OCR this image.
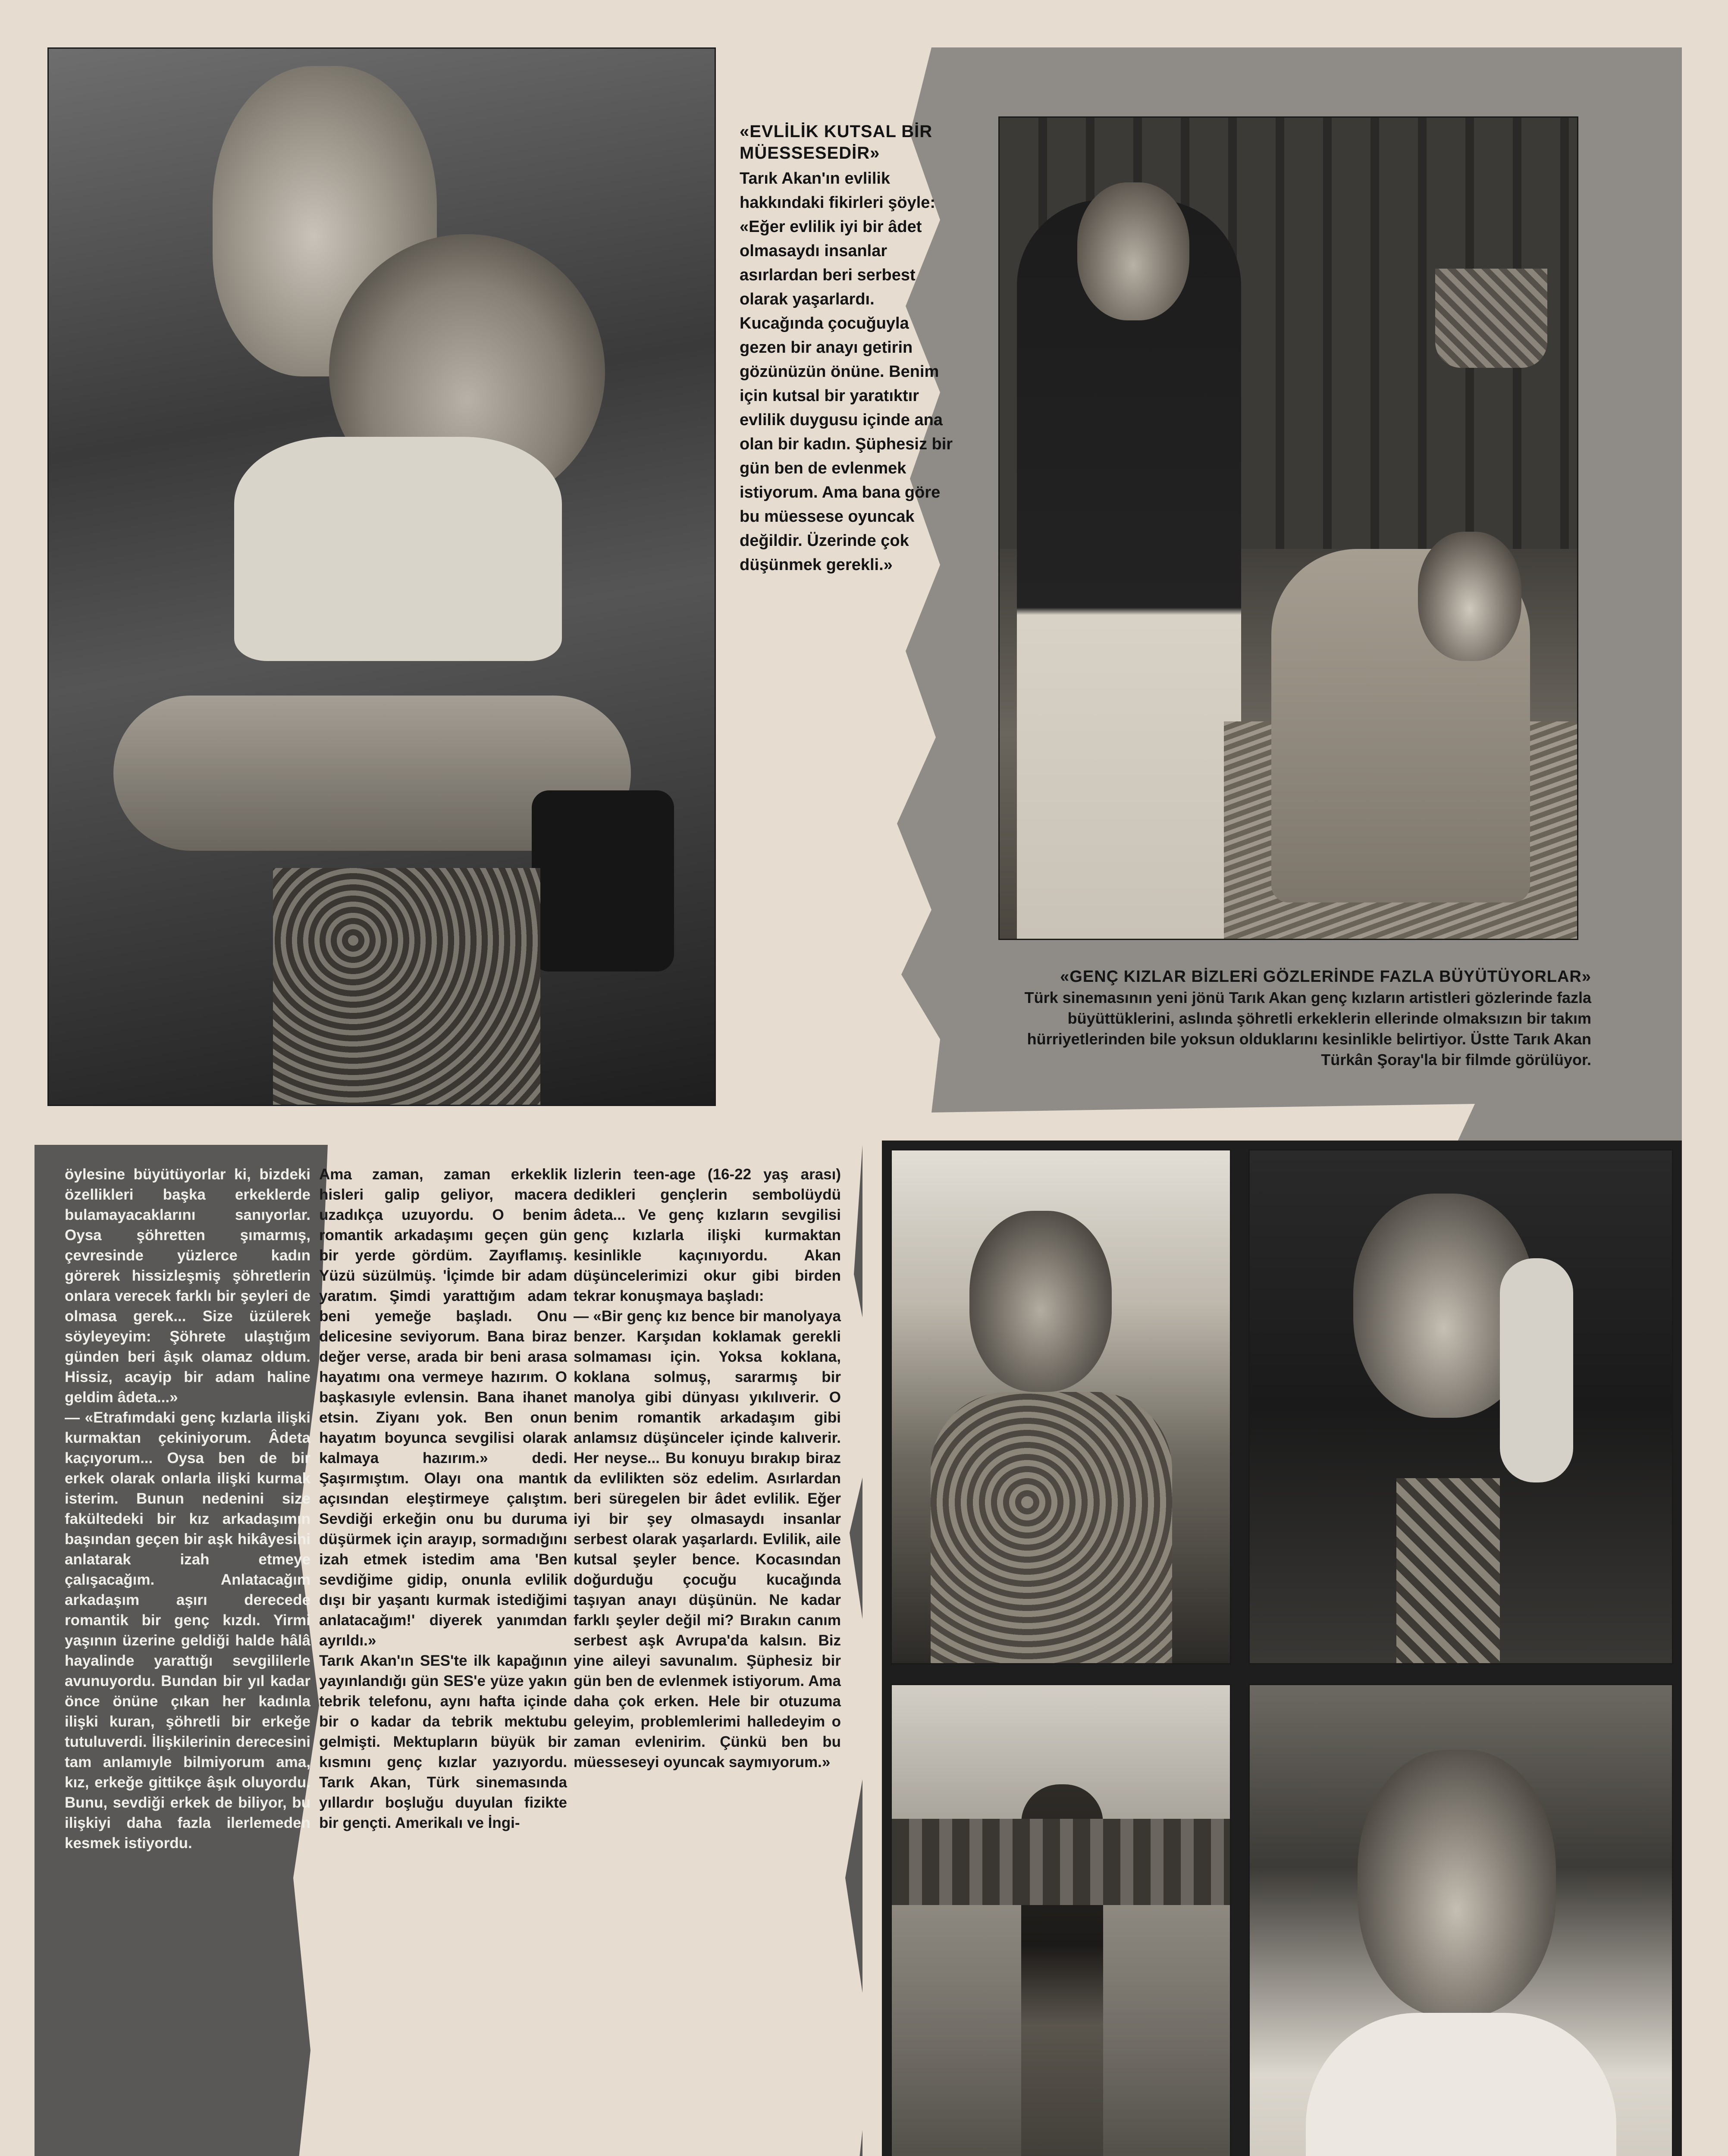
«EVLİLİK KUTSAL BİR MÜESSESEDİR»

Tarık Akan'ın evlilik hakkındaki fikirleri şöyle: «Eğer evlilik iyi bir âdet olmasaydı insanlar asırlardan beri serbest olarak yaşarlardı. Kucağında çocuğuyla gezen bir anayı getirin gözünüzün önüne. Benim için kutsal bir yaratıktır evlilik duygusu içinde ana olan bir kadın. Şüphesiz bir gün ben de evlenmek istiyorum. Ama bana göre bu müessese oyuncak değildir. Üzerinde çok düşünmek gerekli.»

«GENÇ KIZLAR BİZLERİ GÖZLERİNDE FAZLA BÜYÜTÜYORLAR»
Türk sinemasının yeni jönü Tarık Akan genç kızların artistleri gözlerinde fazla büyüttüklerini, aslında şöhretli erkeklerin ellerinde olmaksızın bir takım hürriyetlerinden bile yoksun olduklarını kesinlikle belirtiyor. Üstte Tarık Akan Türkân Şoray'la bir filmde görülüyor.

öylesine büyütüyorlar ki, bizdeki özellikleri başka erkeklerde bulamayacaklarını sanıyorlar. Oysa şöhretten şımarmış, çevresinde yüzlerce kadın görerek hissizleşmiş şöhretlerin onlara verecek farklı bir şeyleri de olmasa gerek... Size üzülerek söyleyeyim: Şöhrete ulaştığım günden beri âşık olamaz oldum. Hissiz, acayip bir adam haline geldim âdeta...»

— «Etrafımdaki genç kızlarla ilişki kurmaktan çekiniyorum. Âdeta kaçıyorum... Oysa ben de bir erkek olarak onlarla ilişki kurmak isterim. Bunun nedenini size fakültedeki bir kız arkadaşımın başından geçen bir aşk hikâyesini anlatarak izah etmeye çalışacağım. Anlatacağım arkadaşım aşırı derecede romantik bir genç kızdı. Yirmi yaşının üzerine geldiği halde hâlâ hayalinde yarattığı sevgililerle avunuyordu. Bundan bir yıl kadar önce önüne çıkan her kadınla ilişki kuran, şöhretli bir erkeğe tutuluverdi. İlişkilerinin derecesini tam anlamıyle bilmiyorum ama, kız, erkeğe gittikçe âşık oluyordu. Bunu, sevdiği erkek de biliyor, bu ilişkiyi daha fazla ilerlemeden kesmek istiyordu.

Ama zaman, zaman erkeklik hisleri galip geliyor, macera uzadıkça uzuyordu. O benim romantik arkadaşımı geçen gün bir yerde gördüm. Zayıflamış. Yüzü süzülmüş. 'İçimde bir adam yaratım. Şimdi yarattığım adam beni yemeğe başladı. Onu delicesine seviyorum. Bana biraz değer verse, arada bir beni arasa hayatımı ona vermeye hazırım. O başkasıyle evlensin. Bana ihanet etsin. Ziyanı yok. Ben onun hayatım boyunca sevgilisi olarak kalmaya hazırım.» dedi. Şaşırmıştım. Olayı ona mantık açısından eleştirmeye çalıştım. Sevdiği erkeğin onu bu duruma düşürmek için arayıp, sormadığını izah etmek istedim ama 'Ben sevdiğime gidip, onunla evlilik dışı bir yaşantı kurmak istediğimi anlatacağım!' diyerek yanımdan ayrıldı.»

Tarık Akan'ın SES'te ilk kapağının yayınlandığı gün SES'e yüze yakın tebrik telefonu, aynı hafta içinde bir o kadar da tebrik mektubu gelmişti. Mektupların büyük bir kısmını genç kızlar yazıyordu. Tarık Akan, Türk sinemasında yıllardır boşluğu duyulan fizikte bir gençti. Amerikalı ve İngi-

lizlerin teen-age (16-22 yaş arası) dedikleri gençlerin sembolüydü âdeta... Ve genç kızların sevgilisi genç kızlarla ilişki kurmaktan kesinlikle kaçınıyordu. Akan düşüncelerimizi okur gibi birden tekrar konuşmaya başladı:

— «Bir genç kız bence bir manolyaya benzer. Karşıdan koklamak gerekli solmaması için. Yoksa koklana, koklana solmuş, sararmış bir manolya gibi dünyası yıkılıverir. O benim romantik arkadaşım gibi anlamsız düşünceler içinde kalıverir. Her neyse... Bu konuyu bırakıp biraz da evlilikten söz edelim. Asırlardan beri süregelen bir âdet evlilik. Eğer iyi bir şey olmasaydı insanlar serbest olarak yaşarlardı. Evlilik, aile kutsal şeyler bence. Kocasından doğurduğu çocuğu kucağında taşıyan anayı düşünün. Ne kadar farklı şeyler değil mi? Bırakın canım serbest aşk Avrupa'da kalsın. Biz yine aileyi savunalım. Şüphesiz bir gün ben de evlenmek istiyorum. Ama daha çok erken. Hele bir otuzuma geleyim, problemlerimi halledeyim o zaman evlenirim. Çünkü ben bu müesseseyi oyuncak saymıyorum.»
